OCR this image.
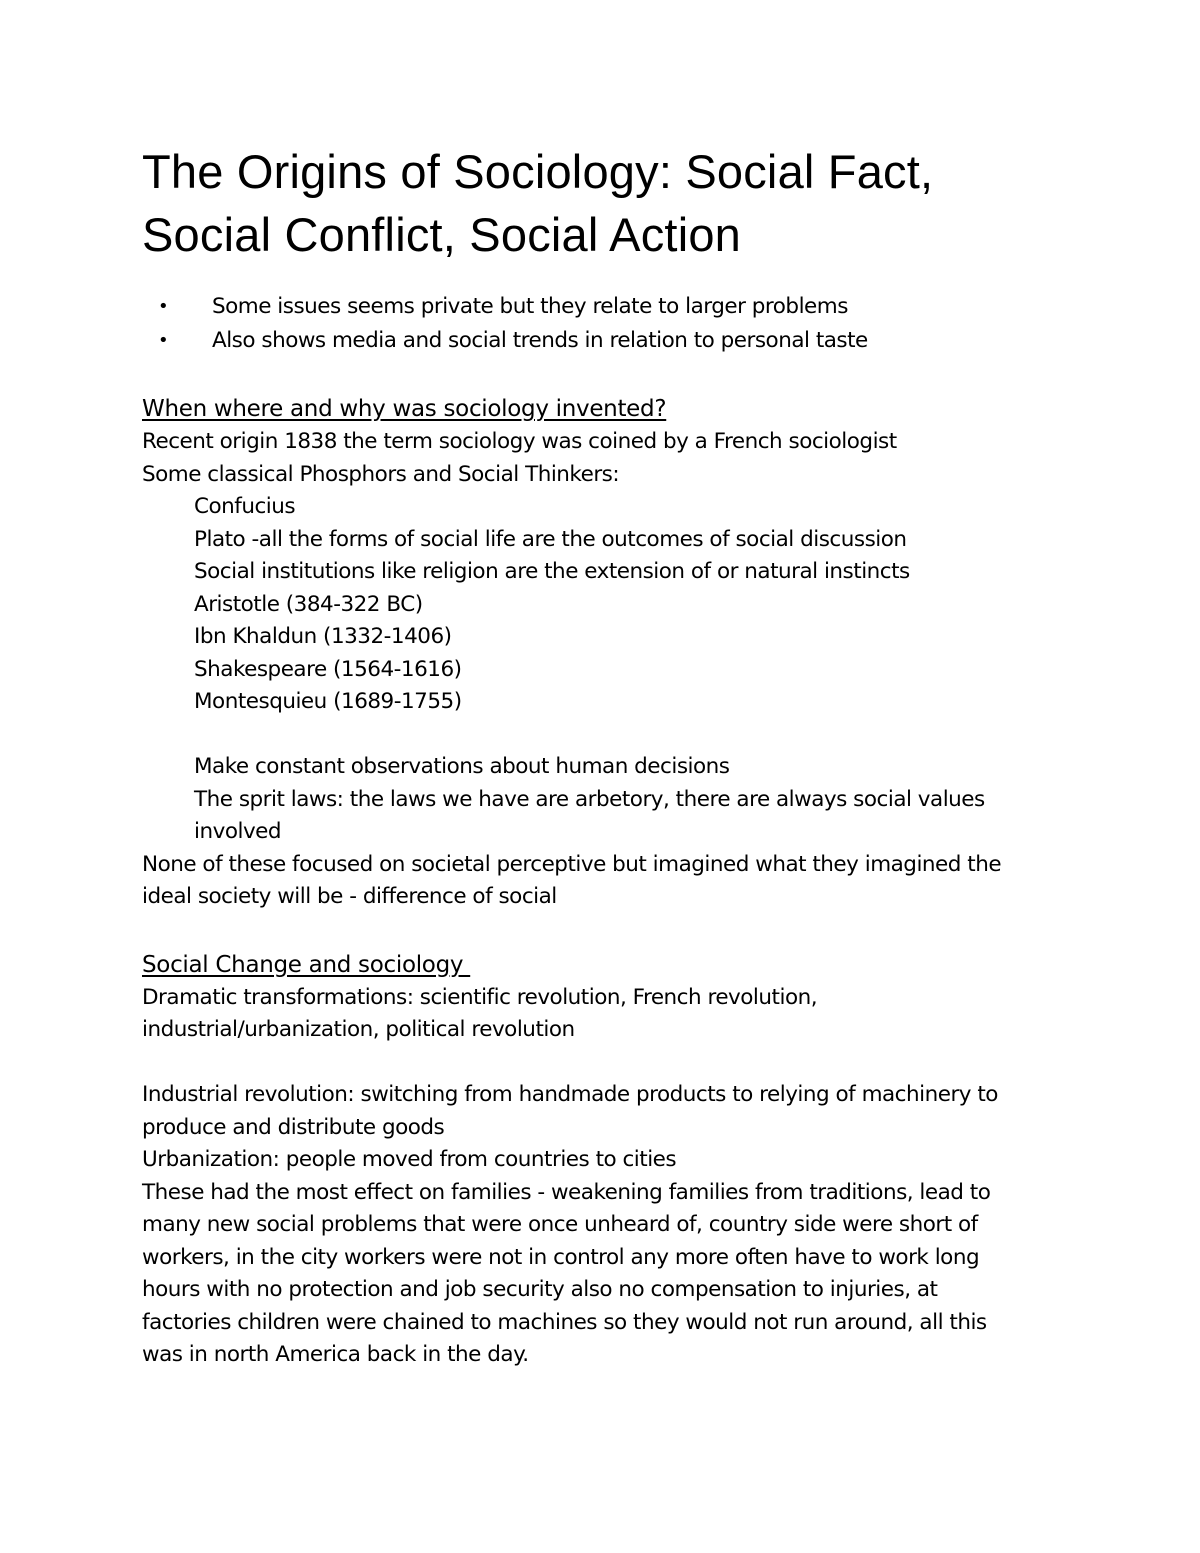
The Origins of Sociology: Social Fact,
Social Conflict, Social Action
• Some issues seems private but they relate to larger problems
• Also shows media and social trends in relation to personal taste
When where and why was sociology invented?
Recent origin 1838 the term sociology was coined by a French sociologist
Some classical Phosphors and Social Thinkers:
Confucius
Plato -all the forms of social life are the outcomes of social discussion
Social institutions like religion are the extension of or natural instincts
Aristotle (384-322 BC)
Ibn Khaldun (1332-1406)
Shakespeare (1564-1616)
Montesquieu (1689-1755)
Make constant observations about human decisions
The sprit laws: the laws we have are arbetory, there are always social values
involved
None of these focused on societal perceptive but imagined what they imagined the
ideal society will be - difference of social
Social Change and sociology
Dramatic transformations: scientific revolution, French revolution,
industrial/urbanization, political revolution
Industrial revolution: switching from handmade products to relying of machinery to
produce and distribute goods
Urbanization: people moved from countries to cities
These had the most effect on families - weakening families from traditions, lead to
many new social problems that were once unheard of, country side were short of
workers, in the city workers were not in control any more often have to work long
hours with no protection and job security also no compensation to injuries, at
factories children were chained to machines so they would not run around, all this
was in north America back in the day.
